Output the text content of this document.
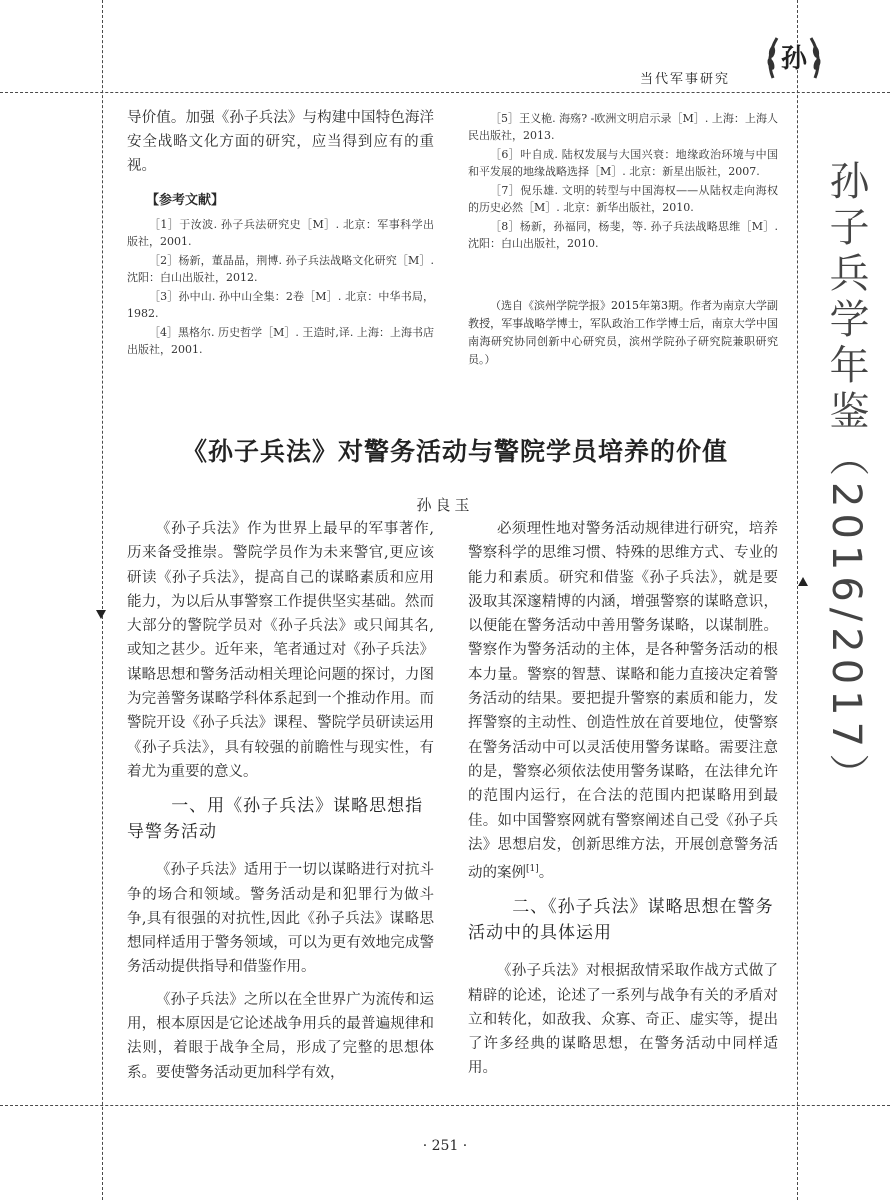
当代军事研究
孙
孙子兵学年鉴（2016/2017）
导价值。加强《孙子兵法》与构建中国特色海洋安全战略文化方面的研究，应当得到应有的重视。
【参考文献】

［1］于汝波. 孙子兵法研究史［M］. 北京：军事科学出版社，2001.

［2］杨新，董晶晶，荆博. 孙子兵法战略文化研究［M］. 沈阳：白山出版社，2012.

［3］孙中山. 孙中山全集：2卷［M］. 北京：中华书局，1982.

［4］黑格尔. 历史哲学［M］. 王造时,译. 上海：上海书店出版社，2001.

［5］王义桅. 海殇? -欧洲文明启示录［M］. 上海：上海人民出版社，2013.

［6］叶自成. 陆权发展与大国兴衰：地缘政治环境与中国和平发展的地缘战略选择［M］. 北京：新星出版社，2007.

［7］倪乐雄. 文明的转型与中国海权——从陆权走向海权的历史必然［M］. 北京：新华出版社，2010.

［8］杨新，孙福同，杨斐，等. 孙子兵法战略思维［M］. 沈阳：白山出版社，2010.

（选自《滨州学院学报》2015年第3期。作者为南京大学副教授，军事战略学博士，军队政治工作学博士后，南京大学中国南海研究协同创新中心研究员，滨州学院孙子研究院兼职研究员。）
《孙子兵法》对警务活动与警院学员培养的价值
孙良玉

《孙子兵法》作为世界上最早的军事著作,历来备受推崇。警院学员作为未来警官,更应该研读《孙子兵法》，提高自己的谋略素质和应用能力，为以后从事警察工作提供坚实基础。然而大部分的警院学员对《孙子兵法》或只闻其名,或知之甚少。近年来，笔者通过对《孙子兵法》谋略思想和警务活动相关理论问题的探讨，力图为完善警务谋略学科体系起到一个推动作用。而警院开设《孙子兵法》课程、警院学员研读运用《孙子兵法》，具有较强的前瞻性与现实性，有着尤为重要的意义。

一、用《孙子兵法》谋略思想指导警务活动

《孙子兵法》适用于一切以谋略进行对抗斗争的场合和领域。警务活动是和犯罪行为做斗争,具有很强的对抗性,因此《孙子兵法》谋略思想同样适用于警务领域，可以为更有效地完成警务活动提供指导和借鉴作用。

《孙子兵法》之所以在全世界广为流传和运用，根本原因是它论述战争用兵的最普遍规律和法则，着眼于战争全局，形成了完整的思想体系。要使警务活动更加科学有效，

必须理性地对警务活动规律进行研究，培养警察科学的思维习惯、特殊的思维方式、专业的能力和素质。研究和借鉴《孙子兵法》，就是要汲取其深邃精博的内涵，增强警察的谋略意识，以便能在警务活动中善用警务谋略，以谋制胜。警察作为警务活动的主体，是各种警务活动的根本力量。警察的智慧、谋略和能力直接决定着警务活动的结果。要把提升警察的素质和能力，发挥警察的主动性、创造性放在首要地位，使警察在警务活动中可以灵活使用警务谋略。需要注意的是，警察必须依法使用警务谋略，在法律允许的范围内运行，在合法的范围内把谋略用到最佳。如中国警察网就有警察阐述自己受《孙子兵法》思想启发，创新思维方法，开展创意警务活动的案例[1]。

二、《孙子兵法》谋略思想在警务活动中的具体运用

《孙子兵法》对根据敌情采取作战方式做了精辟的论述，论述了一系列与战争有关的矛盾对立和转化，如敌我、众寡、奇正、虚实等，提出了许多经典的谋略思想，在警务活动中同样适用。

· 251 ·
